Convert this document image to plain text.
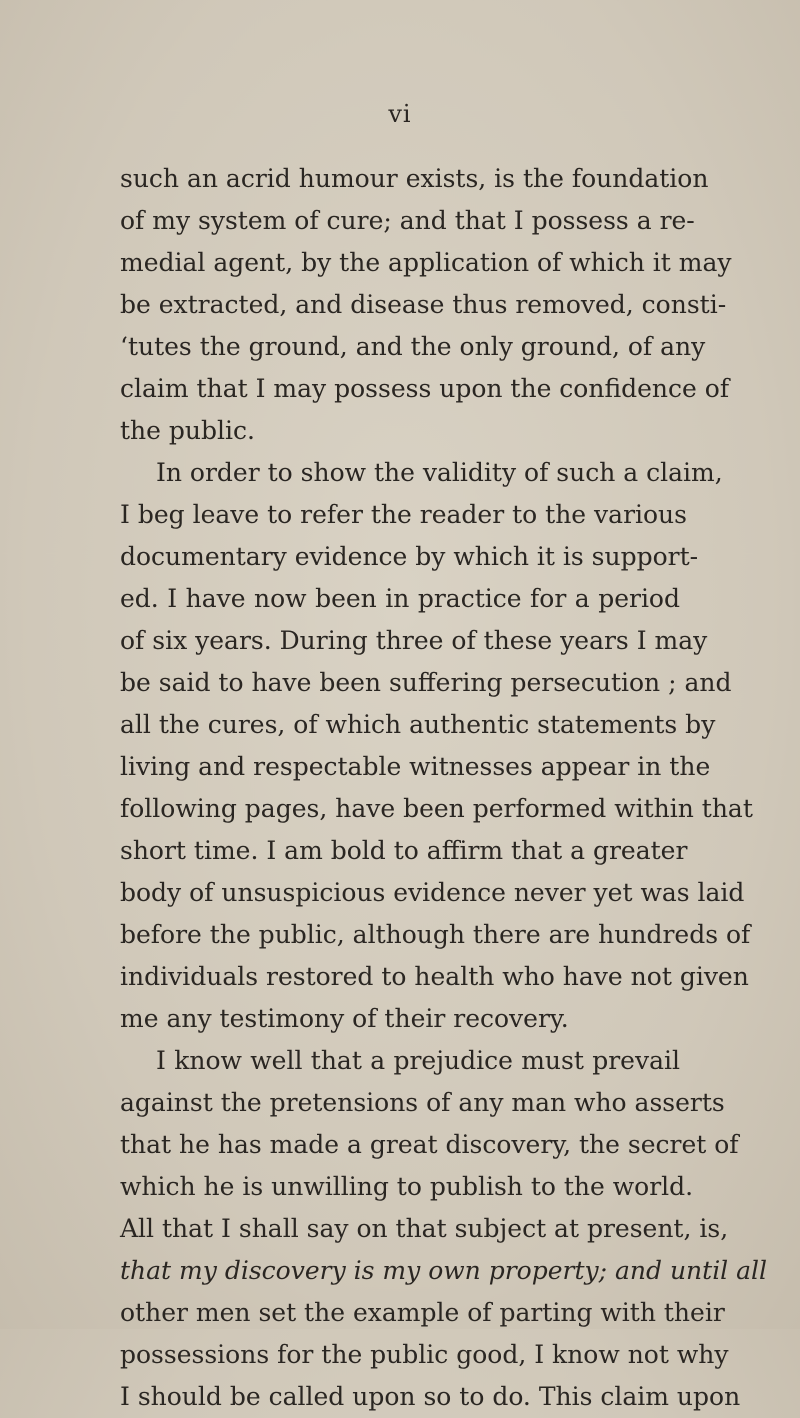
vi
such an acrid humour exists, is the foundation
of my system of cure; and that I possess a re-
medial agent, by the application of which it may
be extracted, and disease thus removed, consti-
‘tutes the ground, and the only ground, of any
claim that I may possess upon the confidence of
the public.
In order to show the validity of such a claim,
I beg leave to refer the reader to the various
documentary evidence by which it is support-
ed. I have now been in practice for a period
of six years. During three of these years I may
be said to have been suffering persecution ; and
all the cures, of which authentic statements by
living and respectable witnesses appear in the
following pages, have been performed within that
short time. I am bold to affirm that a greater
body of unsuspicious evidence never yet was laid
before the public, although there are hundreds of
individuals restored to health who have not given
me any testimony of their recovery.
I know well that a prejudice must prevail
against the pretensions of any man who asserts
that he has made a great discovery, the secret of
which he is unwilling to publish to the world.
All that I shall say on that subject at present, is,
that my discovery is my own property; and until all
other men set the example of parting with their
possessions for the public good, I know not why
I should be called upon so to do. This claim upon
